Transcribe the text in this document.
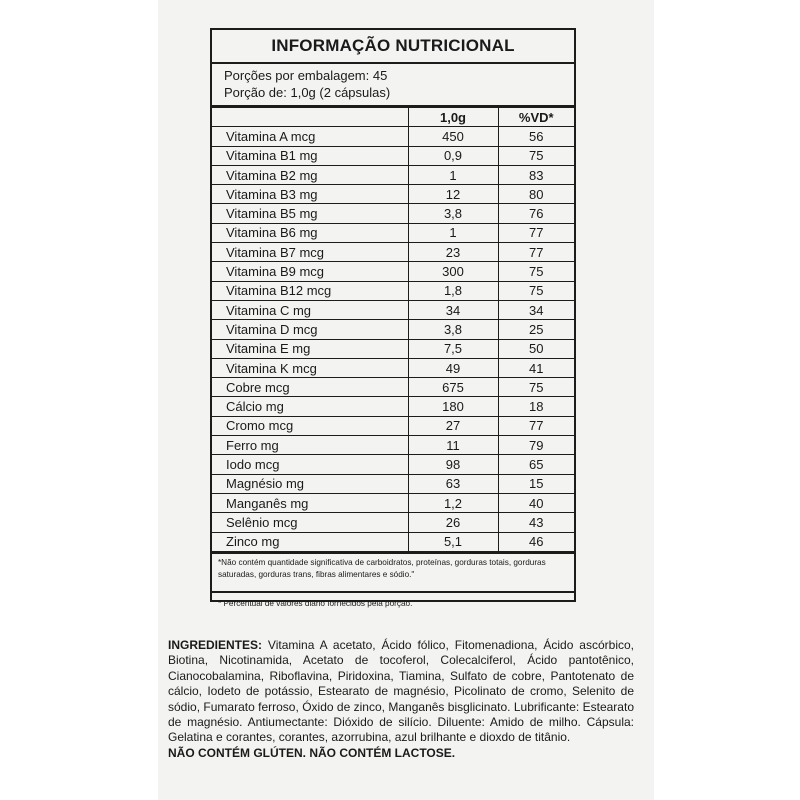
INFORMAÇÃO NUTRICIONAL
Porções por embalagem: 45
Porção de: 1,0g (2 cápsulas)
	1,0g	%VD*
Vitamina A mcg	450	56
Vitamina B1 mg	0,9	75
Vitamina B2 mg	1	83
Vitamina B3 mg	12	80
Vitamina B5 mg	3,8	76
Vitamina B6 mg	1	77
Vitamina B7 mcg	23	77
Vitamina B9 mcg	300	75
Vitamina B12 mcg	1,8	75
Vitamina C mg	34	34
Vitamina D mcg	3,8	25
Vitamina E mg	7,5	50
Vitamina K mcg	49	41
Cobre mcg	675	75
Cálcio mg	180	18
Cromo mcg	27	77
Ferro mg	11	79
Iodo mcg	98	65
Magnésio mg	63	15
Manganês mg	1,2	40
Selênio mcg	26	43
Zinco mg	5,1	46
*Não contém quantidade significativa de carboidratos, proteínas, gorduras totais, gorduras saturadas, gorduras trans, fibras alimentares e sódio."
* Percentual de valores diário fornecidos pela porção.
INGREDIENTES: Vitamina A acetato, Ácido fólico, Fitomenadiona, Ácido ascórbico, Biotina, Nicotinamida, Acetato de tocoferol, Colecalciferol, Ácido pantotênico, Cianocobalamina, Riboflavina, Piridoxina, Tiamina, Sulfato de cobre, Pantotenato de cálcio, Iodeto de potássio, Estearato de magnésio, Picolinato de cromo, Selenito de sódio, Fumarato ferroso, Óxido de zinco, Manganês bisglicinato. Lubrificante: Estearato de magnésio. Antiumectante: Dióxido de silício. Diluente: Amido de milho. Cápsula: Gelatina e corantes, corantes, azorrubina, azul brilhante e dioxdo de titânio.
NÃO CONTÉM GLÚTEN. NÃO CONTÉM LACTOSE.
